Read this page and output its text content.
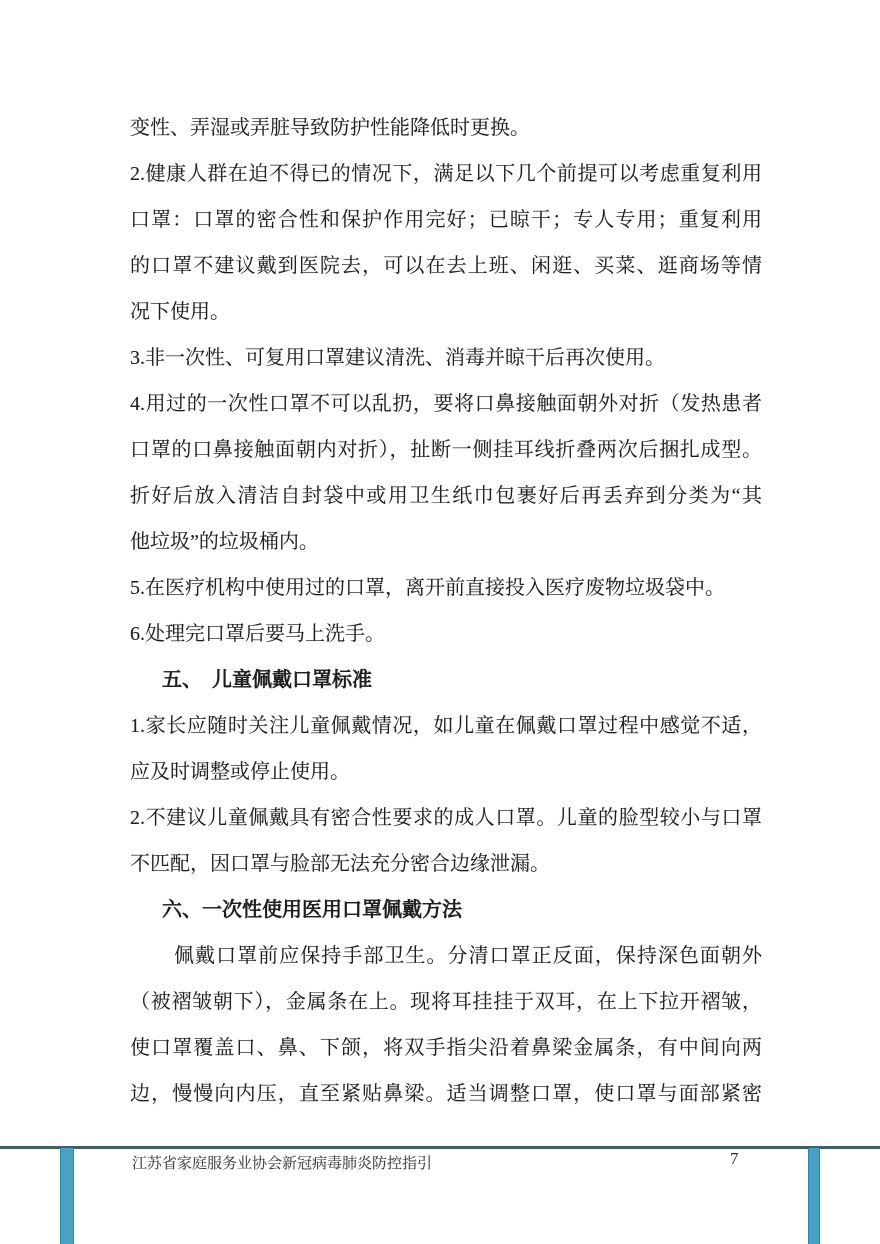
变性、弄湿或弄脏导致防护性能降低时更换。
2.健康人群在迫不得已的情况下，满足以下几个前提可以考虑重复利用
口罩：口罩的密合性和保护作用完好；已晾干；专人专用；重复利用
的口罩不建议戴到医院去，可以在去上班、闲逛、买菜、逛商场等情
况下使用。
3.非一次性、可复用口罩建议清洗、消毒并晾干后再次使用。
4.用过的一次性口罩不可以乱扔，要将口鼻接触面朝外对折（发热患者
口罩的口鼻接触面朝内对折），扯断一侧挂耳线折叠两次后捆扎成型。
折好后放入清洁自封袋中或用卫生纸巾包裹好后再丢弃到分类为“其
他垃圾”的垃圾桶内。
5.在医疗机构中使用过的口罩，离开前直接投入医疗废物垃圾袋中。
6.处理完口罩后要马上洗手。
五、　儿童佩戴口罩标准
1.家长应随时关注儿童佩戴情况，如儿童在佩戴口罩过程中感觉不适，
应及时调整或停止使用。
2.不建议儿童佩戴具有密合性要求的成人口罩。儿童的脸型较小与口罩
不匹配，因口罩与脸部无法充分密合边缘泄漏。
六、一次性使用医用口罩佩戴方法
佩戴口罩前应保持手部卫生。分清口罩正反面，保持深色面朝外
（被褶皱朝下），金属条在上。现将耳挂挂于双耳，在上下拉开褶皱，
使口罩覆盖口、鼻、下颌，将双手指尖沿着鼻梁金属条，有中间向两
边，慢慢向内压，直至紧贴鼻梁。适当调整口罩，使口罩与面部紧密
江苏省家庭服务业协会新冠病毒肺炎防控指引	7
